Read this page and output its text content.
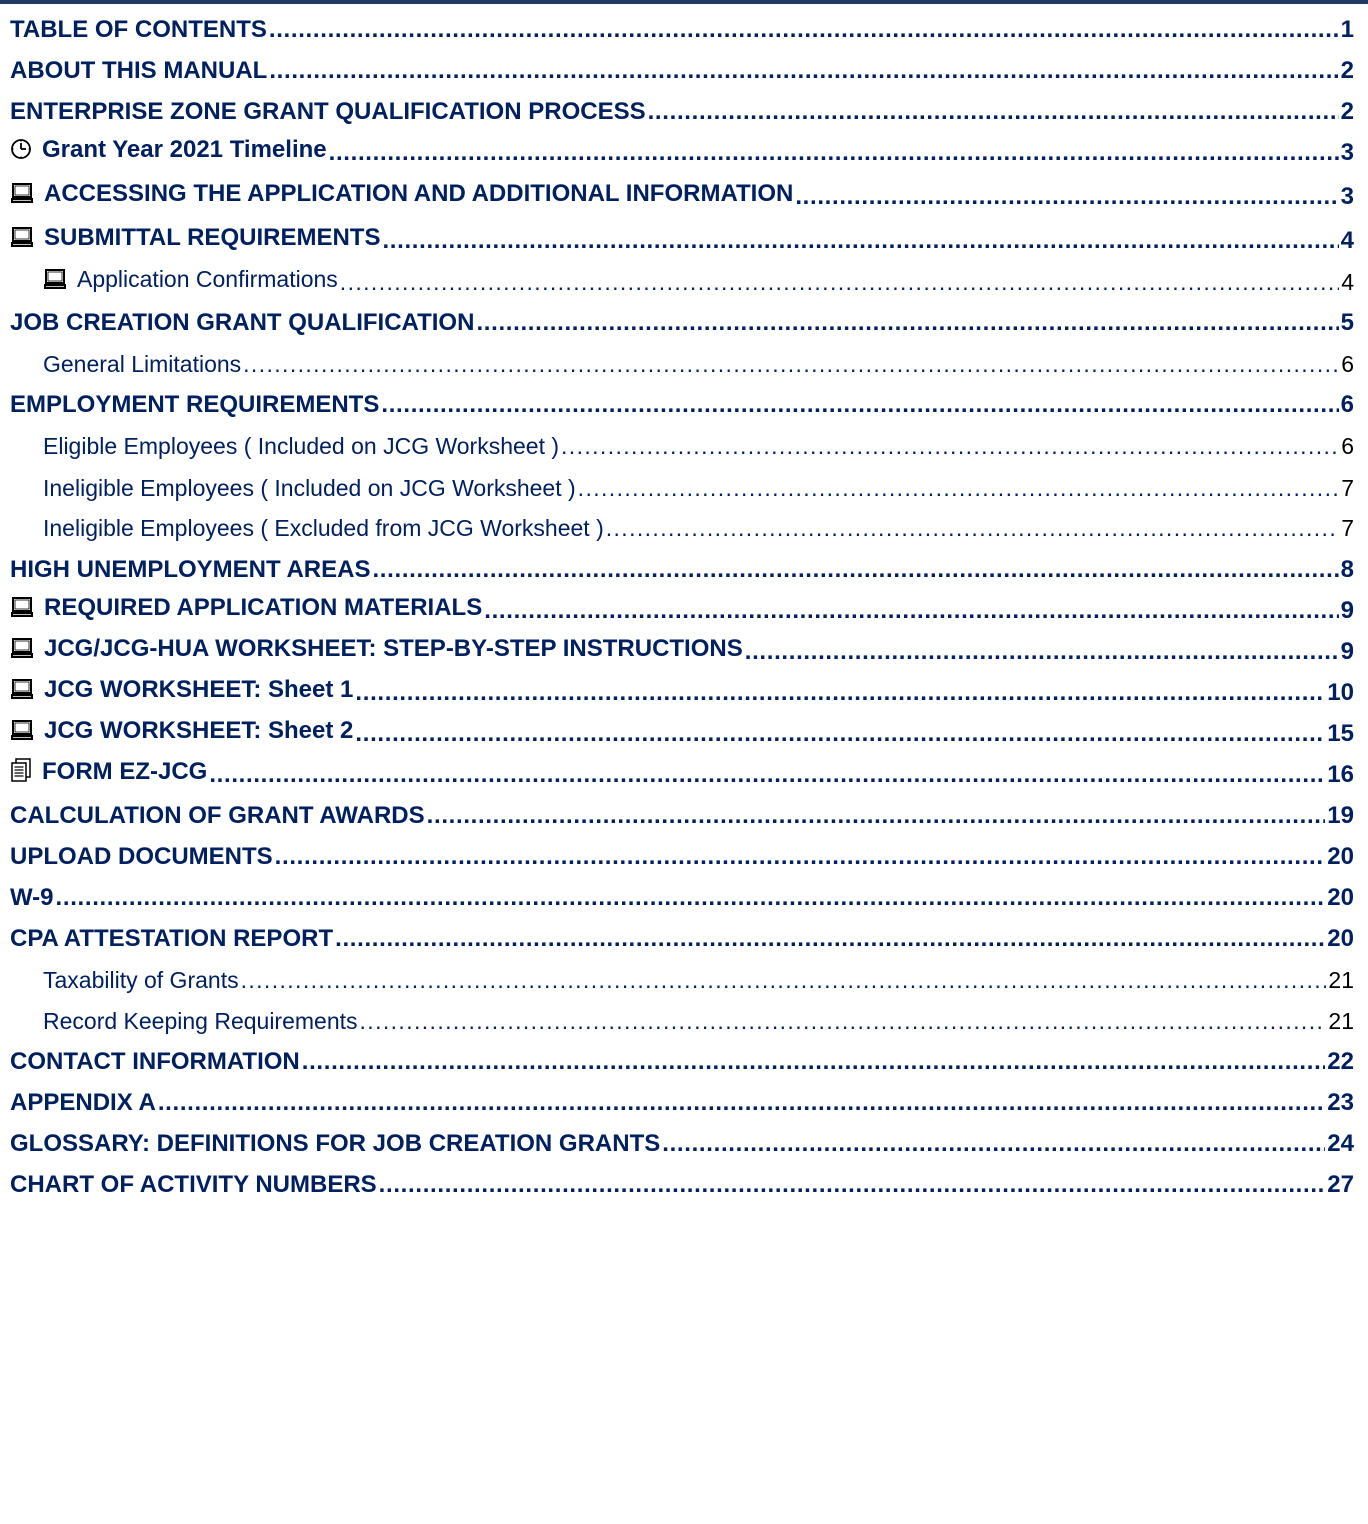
TABLE OF CONTENTS . . .	1
ABOUT THIS MANUAL . . .	2
ENTERPRISE ZONE GRANT QUALIFICATION PROCESS . . .	2
Grant Year 2021 Timeline . . .	3
ACCESSING THE APPLICATION AND ADDITIONAL INFORMATION . . .	3
SUBMITTAL REQUIREMENTS . . .	4
Application Confirmations . . .	4
JOB CREATION GRANT QUALIFICATION . . .	5
General Limitations . . .	6
EMPLOYMENT REQUIREMENTS . . .	6
Eligible Employees ( Included on JCG Worksheet ) . . .	6
Ineligible Employees ( Included on JCG Worksheet ) . . .	7
Ineligible Employees ( Excluded from JCG Worksheet ) . . .	7
HIGH UNEMPLOYMENT AREAS . . .	8
REQUIRED APPLICATION MATERIALS . . .	9
JCG/JCG-HUA WORKSHEET: STEP-BY-STEP INSTRUCTIONS . . .	9
JCG WORKSHEET: Sheet 1 . . .	10
JCG WORKSHEET: Sheet 2 . . .	15
FORM EZ-JCG . . .	16
CALCULATION OF GRANT AWARDS . . .	19
UPLOAD DOCUMENTS . . .	20
W-9 . . .	20
CPA ATTESTATION REPORT . . .	20
Taxability of Grants . . .	21
Record Keeping Requirements . . .	21
CONTACT INFORMATION . . .	22
APPENDIX A . . .	23
GLOSSARY: DEFINITIONS FOR JOB CREATION GRANTS . . .	24
CHART OF ACTIVITY NUMBERS . . .	27
